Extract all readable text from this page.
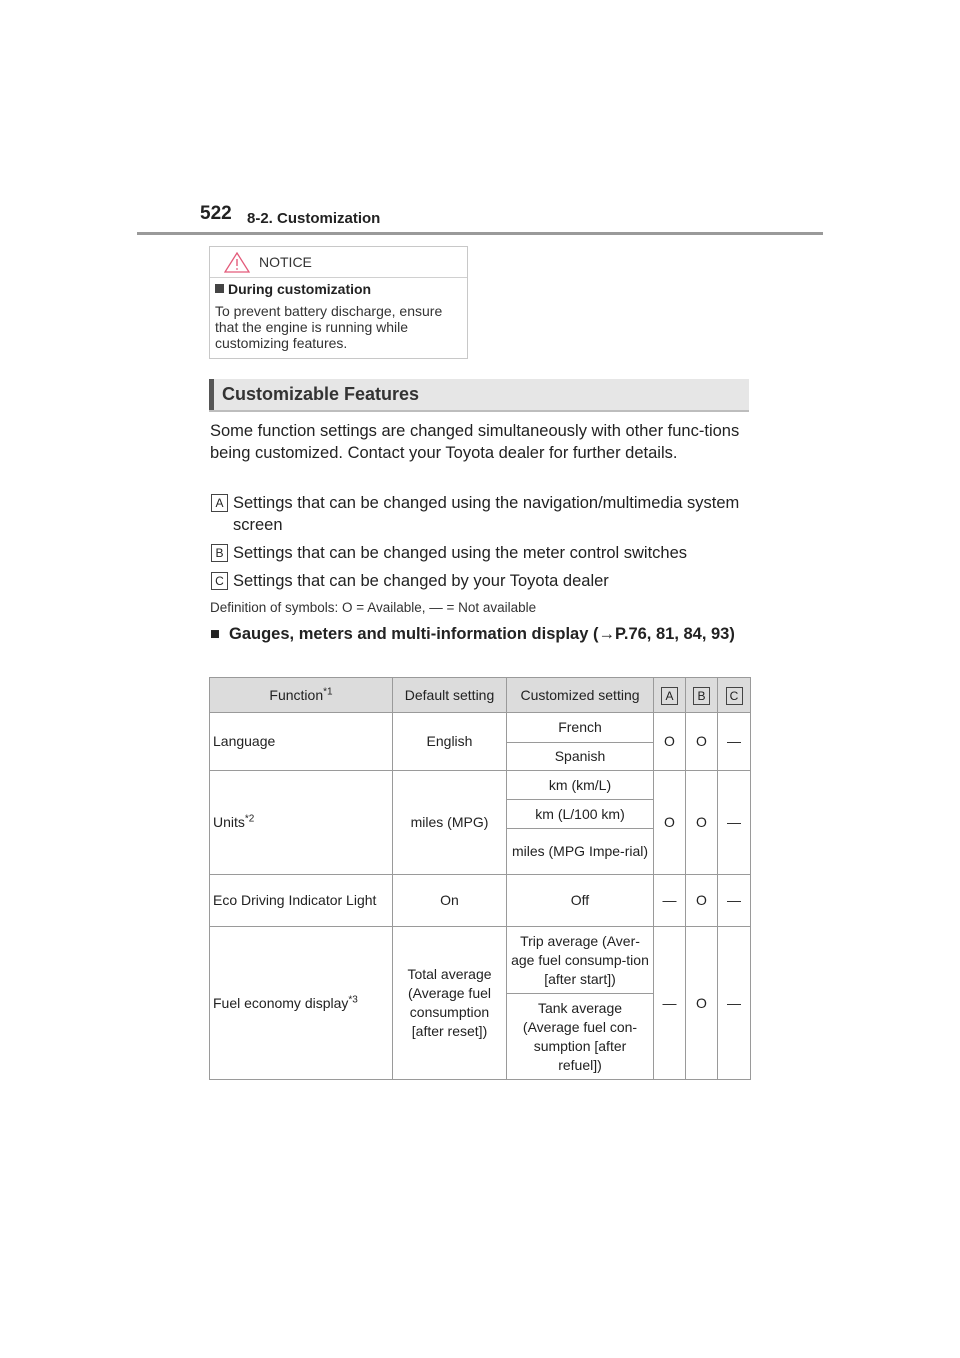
522 8-2. Customization
NOTICE
During customization
To prevent battery discharge, ensure that the engine is running while customizing features.
Customizable Features
Some function settings are changed simultaneously with other func-tions being customized. Contact your Toyota dealer for further details.
A Settings that can be changed using the navigation/multimedia system screen
B Settings that can be changed using the meter control switches
C Settings that can be changed by your Toyota dealer
Definition of symbols: O = Available, — = Not available
■ Gauges, meters and multi-information display (→P.76, 81, 84, 93)
Function$^{*1}$	Default setting	Customized setting	A	B	C
Language	English	French	O	O	—
		Spanish			
Units$^{*2}$	miles (MPG)	km (km/L)	O	O	—
		km (L/100 km)			
		miles (MPG Impe-rial)			
Eco Driving Indicator Light	On	Off	—	O	—
Fuel economy display$^{*3}$	Total average (Average fuel consumption [after reset])	Trip average (Aver-age fuel consump-tion [after start])	—	O	—
		Tank average (Average fuel con-sumption [after refuel])			
